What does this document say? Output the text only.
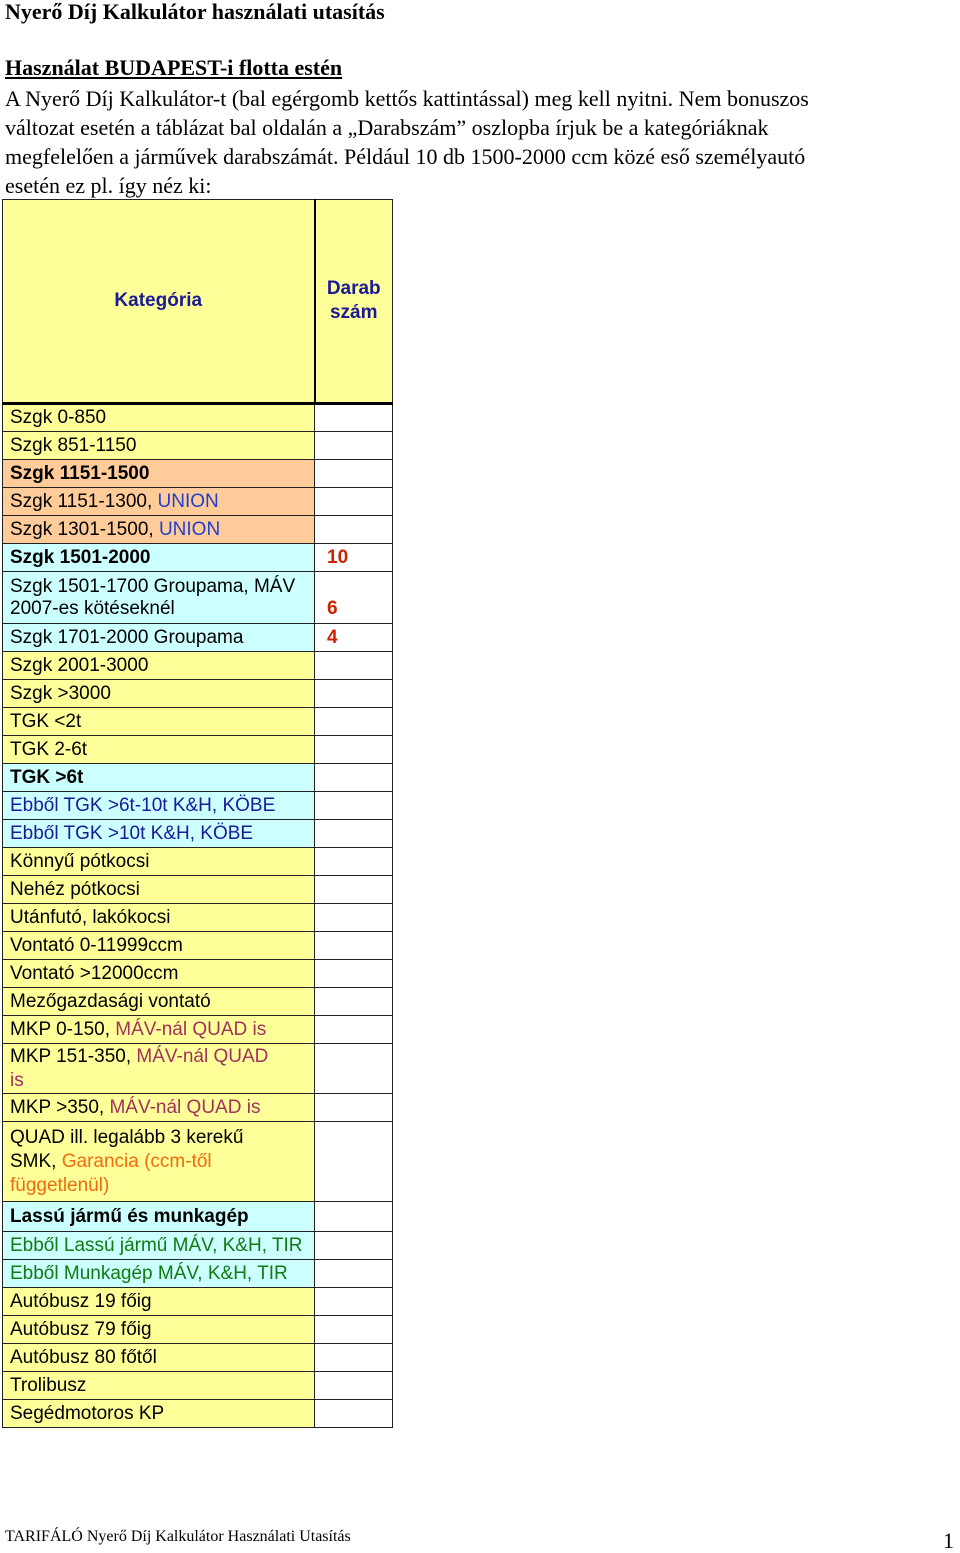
Nyerő Díj Kalkulátor használati utasítás
Használat BUDAPEST-i flotta estén
A Nyerő Díj Kalkulátor-t (bal egérgomb kettős kattintással) meg kell nyitni. Nem bonuszos
változat esetén a táblázat bal oldalán a „Darabszám” oszlopba írjuk be a kategóriáknak
megfelelően a járművek darabszámát. Például 10 db 1500-2000 ccm közé eső személyautó
esetén ez pl. így néz ki:
Kategória	Darab
szám
Szgk 0-850	
Szgk 851-1150	
Szgk 1151-1500	
Szgk 1151-1300, UNION	
Szgk 1301-1500, UNION	
Szgk 1501-2000	10
Szgk 1501-1700 Groupama, MÁV
2007-es kötéseknél	6
Szgk 1701-2000 Groupama	4
Szgk 2001-3000	
Szgk >3000	
TGK <2t	
TGK 2-6t	
TGK >6t	
Ebből TGK >6t-10t K&H, KÖBE	
Ebből TGK >10t K&H, KÖBE	
Könnyű pótkocsi	
Nehéz pótkocsi	
Utánfutó, lakókocsi	
Vontató 0-11999ccm	
Vontató >12000ccm	
Mezőgazdasági vontató	
MKP 0-150, MÁV-nál QUAD is	
MKP 151-350, MÁV-nál QUAD
is	
MKP >350, MÁV-nál QUAD is	
QUAD ill. legalább 3 kerekű
SMK, Garancia (ccm-től
függetlenül)	
Lassú jármű és munkagép	
Ebből Lassú jármű MÁV, K&H, TIR	
Ebből Munkagép MÁV, K&H, TIR	
Autóbusz 19 főig	
Autóbusz 79 főig	
Autóbusz 80 főtől	
Trolibusz	
Segédmotoros KP	
TARIFÁLÓ Nyerő Díj Kalkulátor Használati Utasítás	1
